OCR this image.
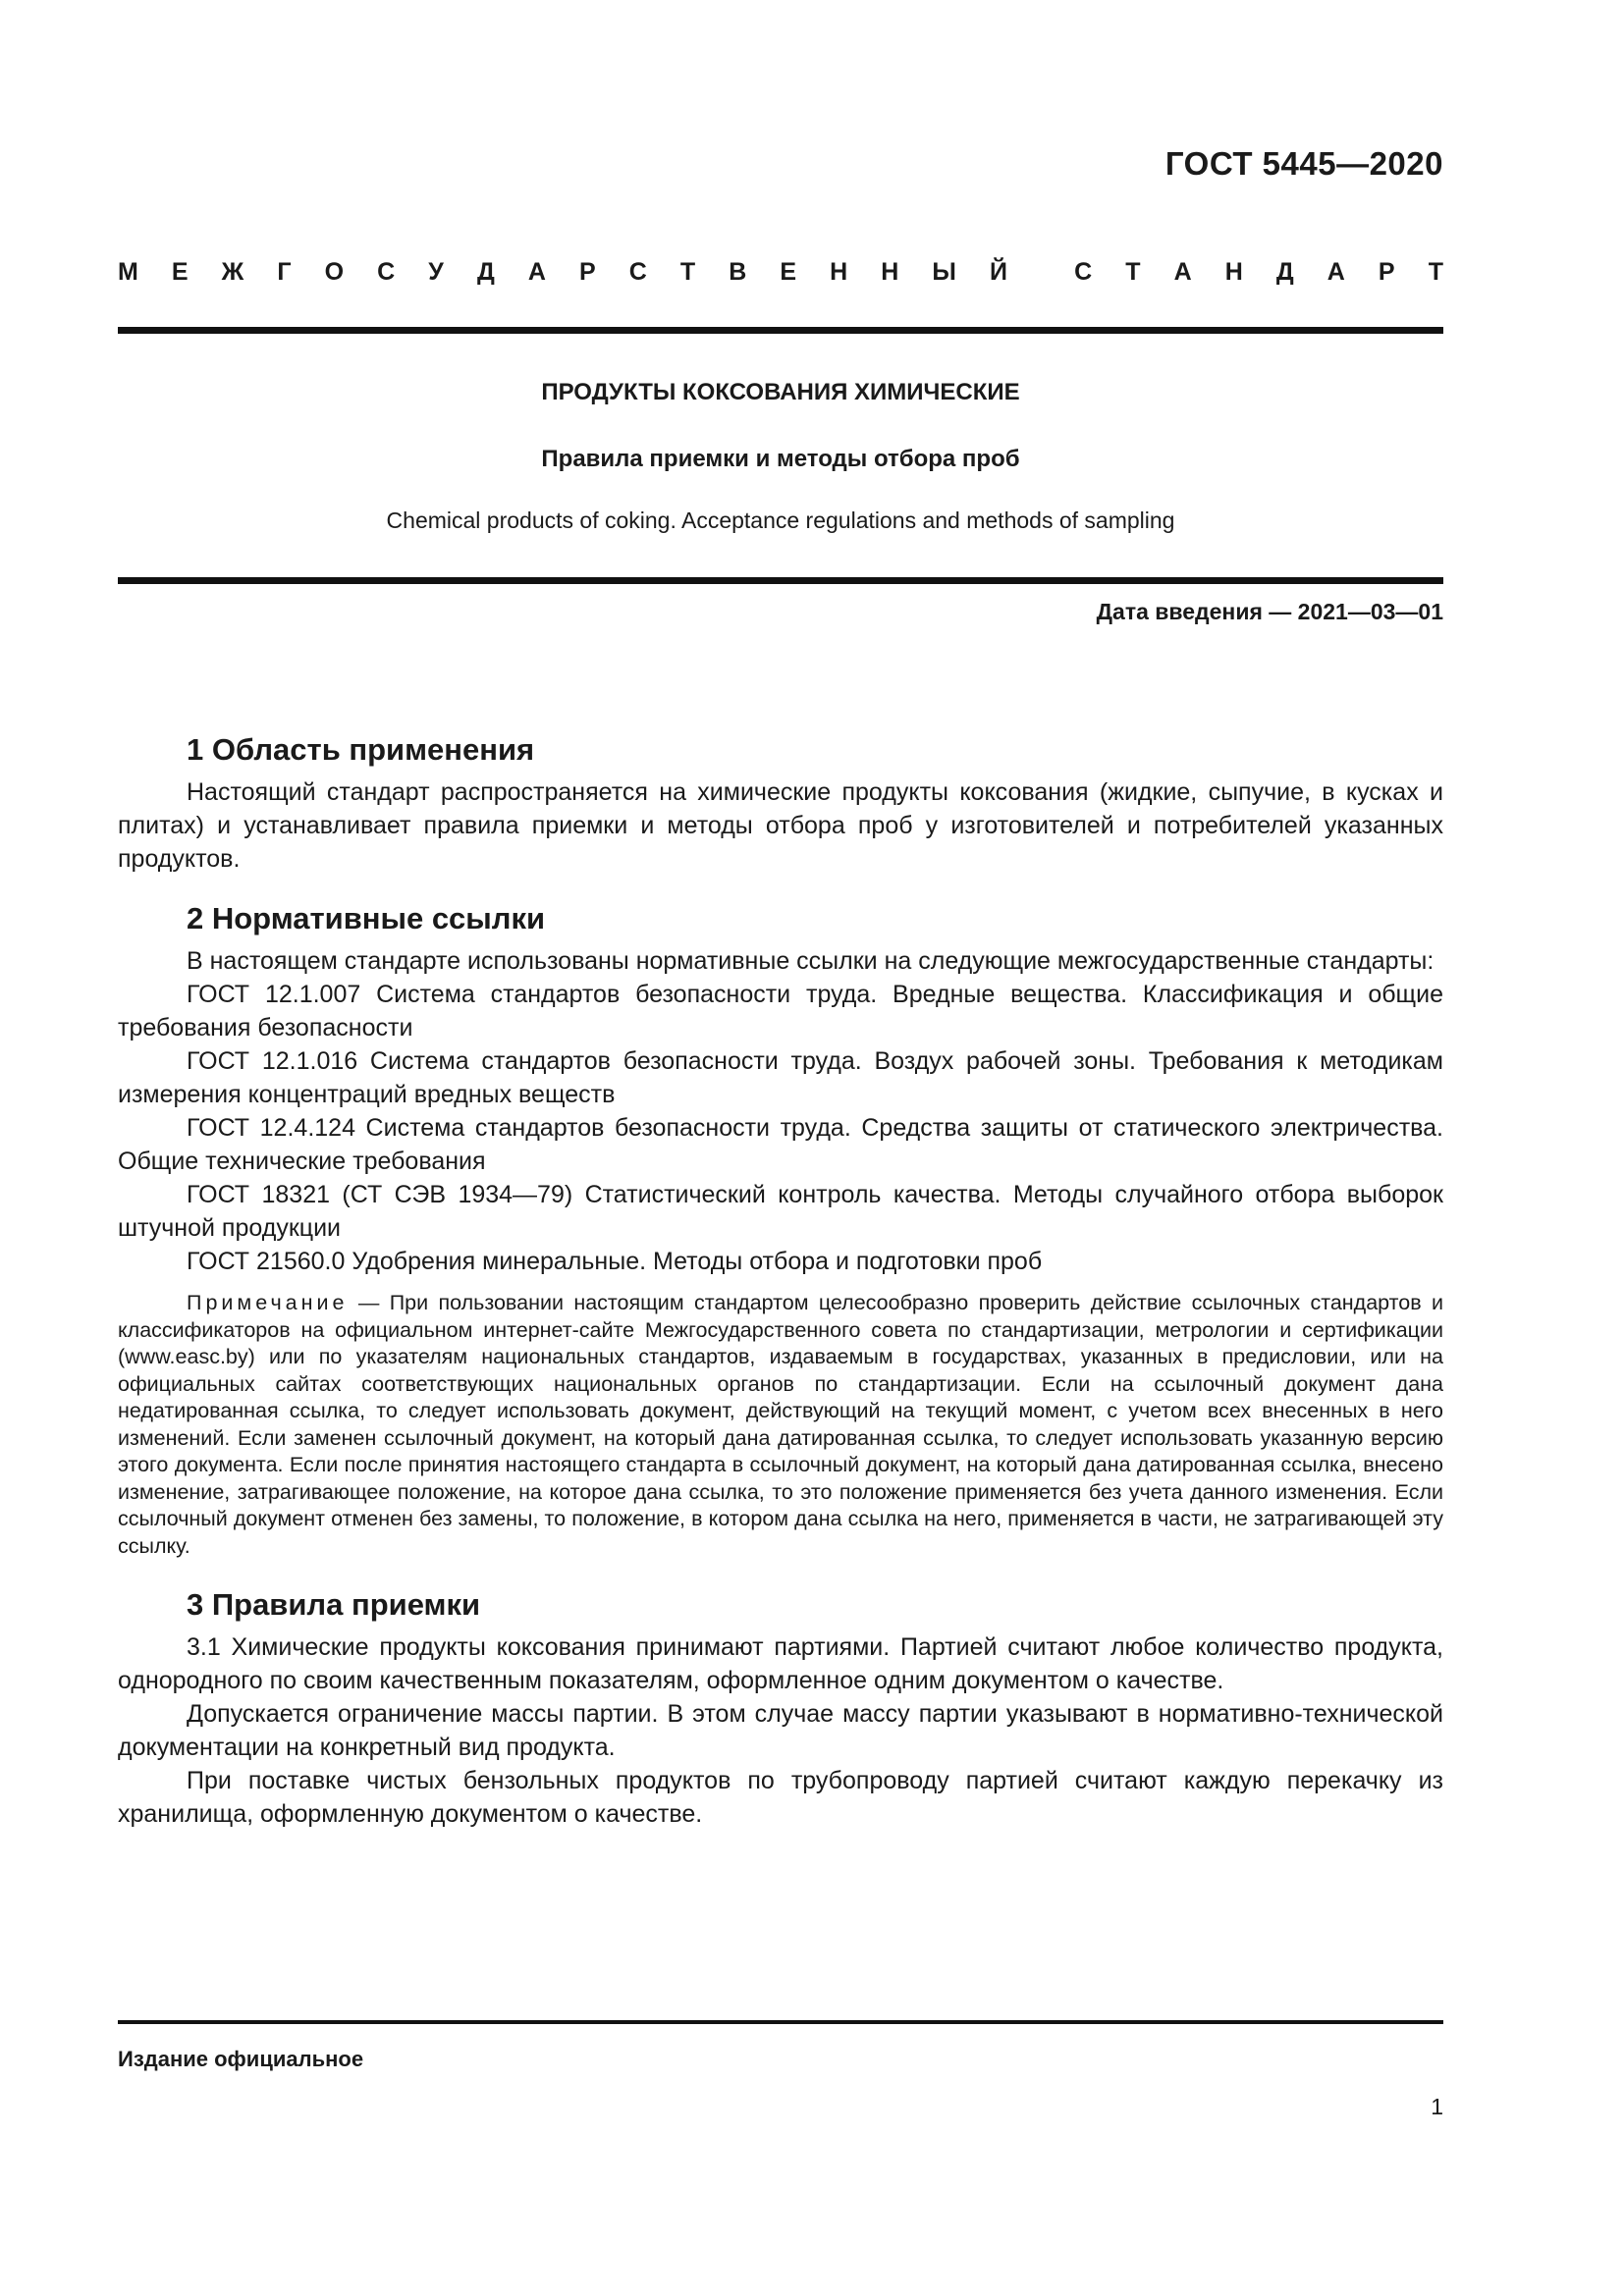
ГОСТ 5445—2020
М Е Ж Г О С У Д А Р С Т В Е Н Н Ы Й	С Т А Н Д А Р Т
ПРОДУКТЫ КОКСОВАНИЯ ХИМИЧЕСКИЕ
Правила приемки и методы отбора проб
Chemical products of coking. Acceptance regulations and methods of sampling
Дата введения — 2021—03—01
1 Область применения

Настоящий стандарт распространяется на химические продукты коксования (жидкие, сыпучие, в кусках и плитах) и устанавливает правила приемки и методы отбора проб у изготовителей и потребителей указанных продуктов.

2 Нормативные ссылки

В настоящем стандарте использованы нормативные ссылки на следующие межгосударственные стандарты:

ГОСТ 12.1.007 Система стандартов безопасности труда. Вредные вещества. Классификация и общие требования безопасности

ГОСТ 12.1.016 Система стандартов безопасности труда. Воздух рабочей зоны. Требования к методикам измерения концентраций вредных веществ

ГОСТ 12.4.124 Система стандартов безопасности труда. Средства защиты от статического электричества. Общие технические требования

ГОСТ 18321 (СТ СЭВ 1934—79) Статистический контроль качества. Методы случайного отбора выборок штучной продукции

ГОСТ 21560.0 Удобрения минеральные. Методы отбора и подготовки проб

Примечание — При пользовании настоящим стандартом целесообразно проверить действие ссылочных стандартов и классификаторов на официальном интернет-сайте Межгосударственного совета по стандартизации, метрологии и сертификации (www.easc.by) или по указателям национальных стандартов, издаваемым в государствах, указанных в предисловии, или на официальных сайтах соответствующих национальных органов по стандартизации. Если на ссылочный документ дана недатированная ссылка, то следует использовать документ, действующий на текущий момент, с учетом всех внесенных в него изменений. Если заменен ссылочный документ, на который дана датированная ссылка, то следует использовать указанную версию этого документа. Если после принятия настоящего стандарта в ссылочный документ, на который дана датированная ссылка, внесено изменение, затрагивающее положение, на которое дана ссылка, то это положение применяется без учета данного изменения. Если ссылочный документ отменен без замены, то положение, в котором дана ссылка на него, применяется в части, не затрагивающей эту ссылку.

3 Правила приемки

3.1 Химические продукты коксования принимают партиями. Партией считают любое количество продукта, однородного по своим качественным показателям, оформленное одним документом о качестве.

Допускается ограничение массы партии. В этом случае массу партии указывают в нормативно-технической документации на конкретный вид продукта.

При поставке чистых бензольных продуктов по трубопроводу партией считают каждую перекачку из хранилища, оформленную документом о качестве.

Издание официальное
1
